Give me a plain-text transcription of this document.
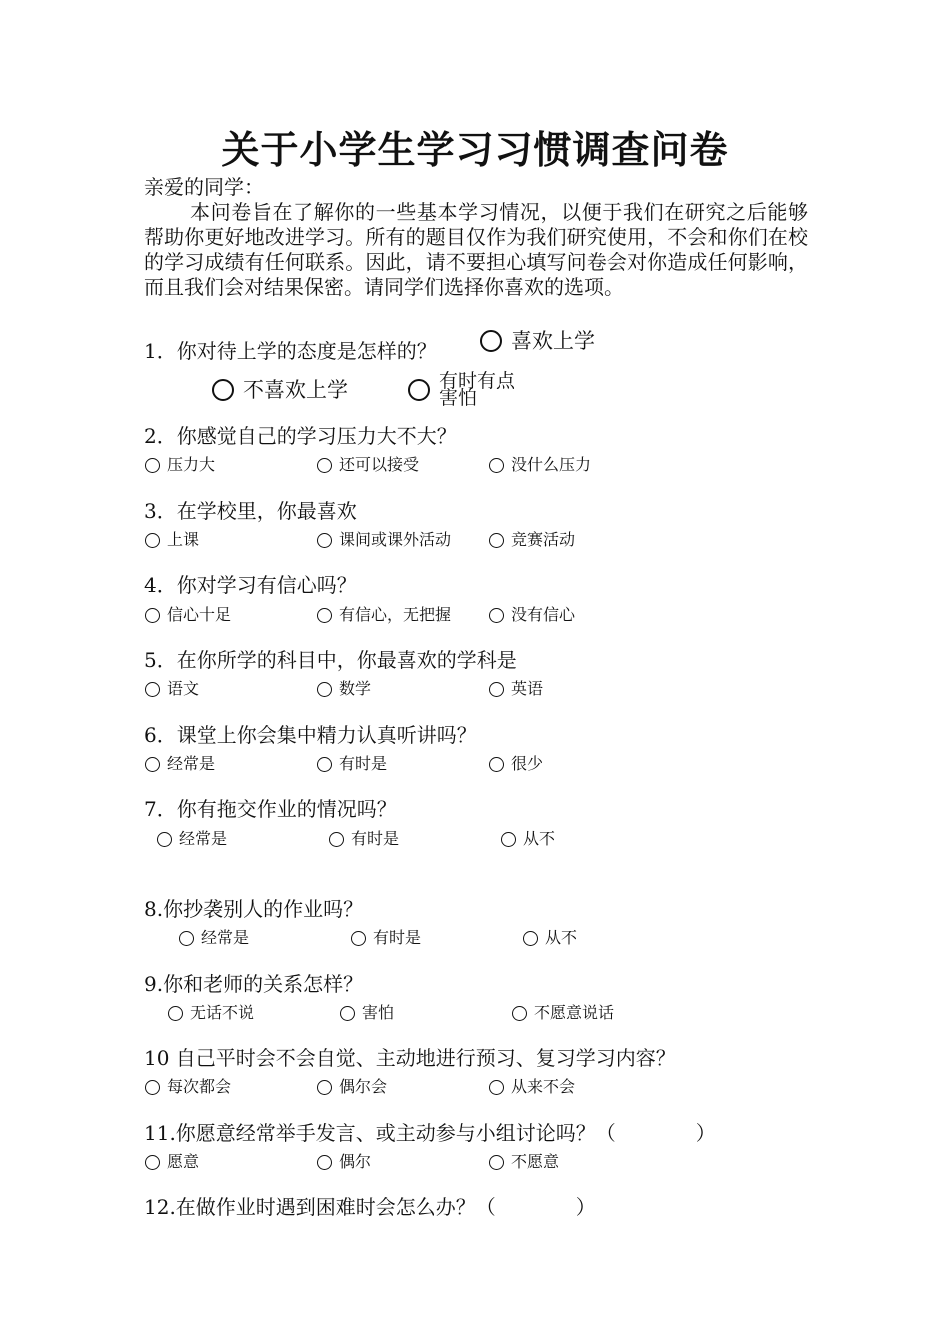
关于小学生学习习惯调查问卷
亲爱的同学：
本问卷旨在了解你的一些基本学习情况，以便于我们在研究之后能够帮助你更好地改进学习。所有的题目仅作为我们研究使用，不会和你们在校的学习成绩有任何联系。因此，请不要担心填写问卷会对你造成任何影响，而且我们会对结果保密。请同学们选择你喜欢的选项。
1．你对待上学的态度是怎样的？	喜欢上学
不喜欢上学	有时有点害怕
2．你感觉自己的学习压力大不大？
压力大	还可以接受	没什么压力
3．在学校里，你最喜欢
上课	课间或课外活动	竞赛活动
4．你对学习有信心吗？
信心十足	有信心，无把握	没有信心
5．在你所学的科目中，你最喜欢的学科是
语文	数学	英语
6．课堂上你会集中精力认真听讲吗？
经常是	有时是	很少
7．你有拖交作业的情况吗？
经常是	有时是	从不
8.你抄袭别人的作业吗？
经常是	有时是	从不
9.你和老师的关系怎样？
无话不说	害怕	不愿意说话
10 自己平时会不会自觉、主动地进行预习、复习学习内容？
每次都会	偶尔会	从来不会
11.你愿意经常举手发言、或主动参与小组讨论吗？（　　　　）
愿意	偶尔	不愿意
12.在做作业时遇到困难时会怎么办？（　　　　）
